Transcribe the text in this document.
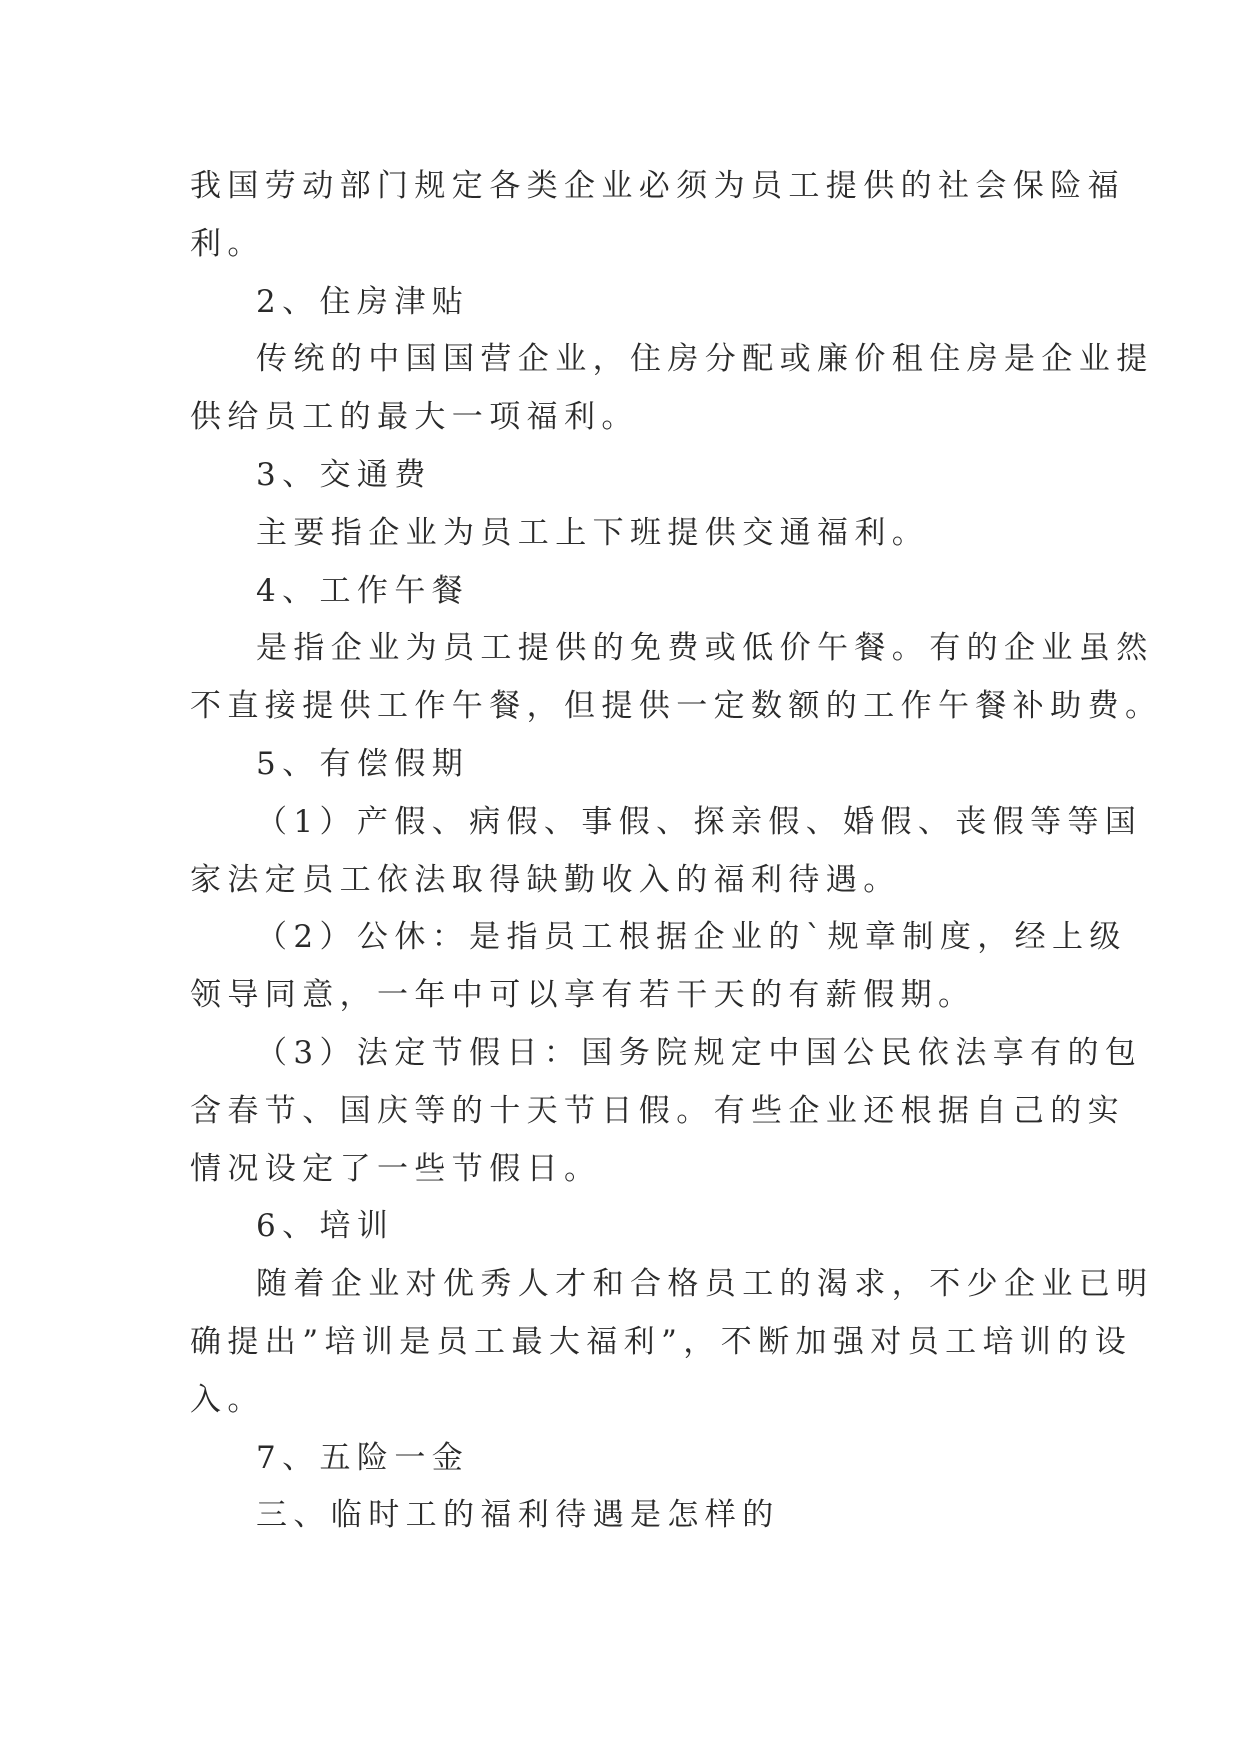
我国劳动部门规定各类企业必须为员工提供的社会保险福
利。
2、住房津贴
传统的中国国营企业，住房分配或廉价租住房是企业提
供给员工的最大一项福利。
3、交通费
主要指企业为员工上下班提供交通福利。
4、工作午餐
是指企业为员工提供的免费或低价午餐。有的企业虽然
不直接提供工作午餐，但提供一定数额的工作午餐补助费。
5、有偿假期
（1）产假、病假、事假、探亲假、婚假、丧假等等国
家法定员工依法取得缺勤收入的福利待遇。
（2）公休：是指员工根据企业的`规章制度，经上级
领导同意，一年中可以享有若干天的有薪假期。
（3）法定节假日：国务院规定中国公民依法享有的包
含春节、国庆等的十天节日假。有些企业还根据自己的实
情况设定了一些节假日。
6、培训
随着企业对优秀人才和合格员工的渴求，不少企业已明
确提出”培训是员工最大福利”，不断加强对员工培训的设
入。
7、五险一金
三、临时工的福利待遇是怎样的
